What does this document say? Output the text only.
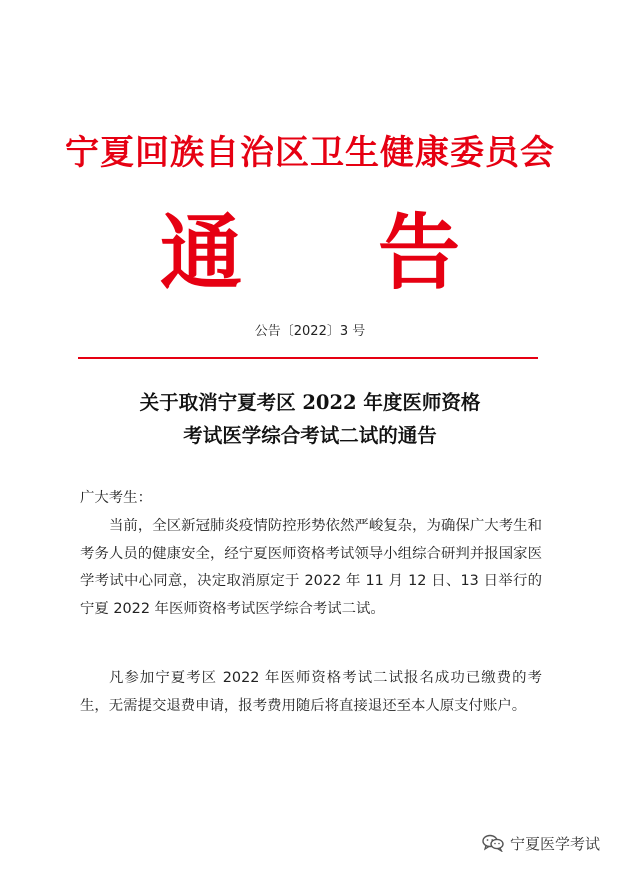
宁夏回族自治区卫生健康委员会
通 告
公告〔2022〕3 号
关于取消宁夏考区 2022 年度医师资格
考试医学综合考试二试的通告
广大考生：
当前，全区新冠肺炎疫情防控形势依然严峻复杂，为确保广大考生和考务人员的健康安全，经宁夏医师资格考试领导小组综合研判并报国家医学考试中心同意，决定取消原定于 2022 年 11 月 12 日、13 日举行的宁夏 2022 年医师资格考试医学综合考试二试。
凡参加宁夏考区 2022 年医师资格考试二试报名成功已缴费的考生，无需提交退费申请，报考费用随后将直接退还至本人原支付账户。
宁夏医学考试
